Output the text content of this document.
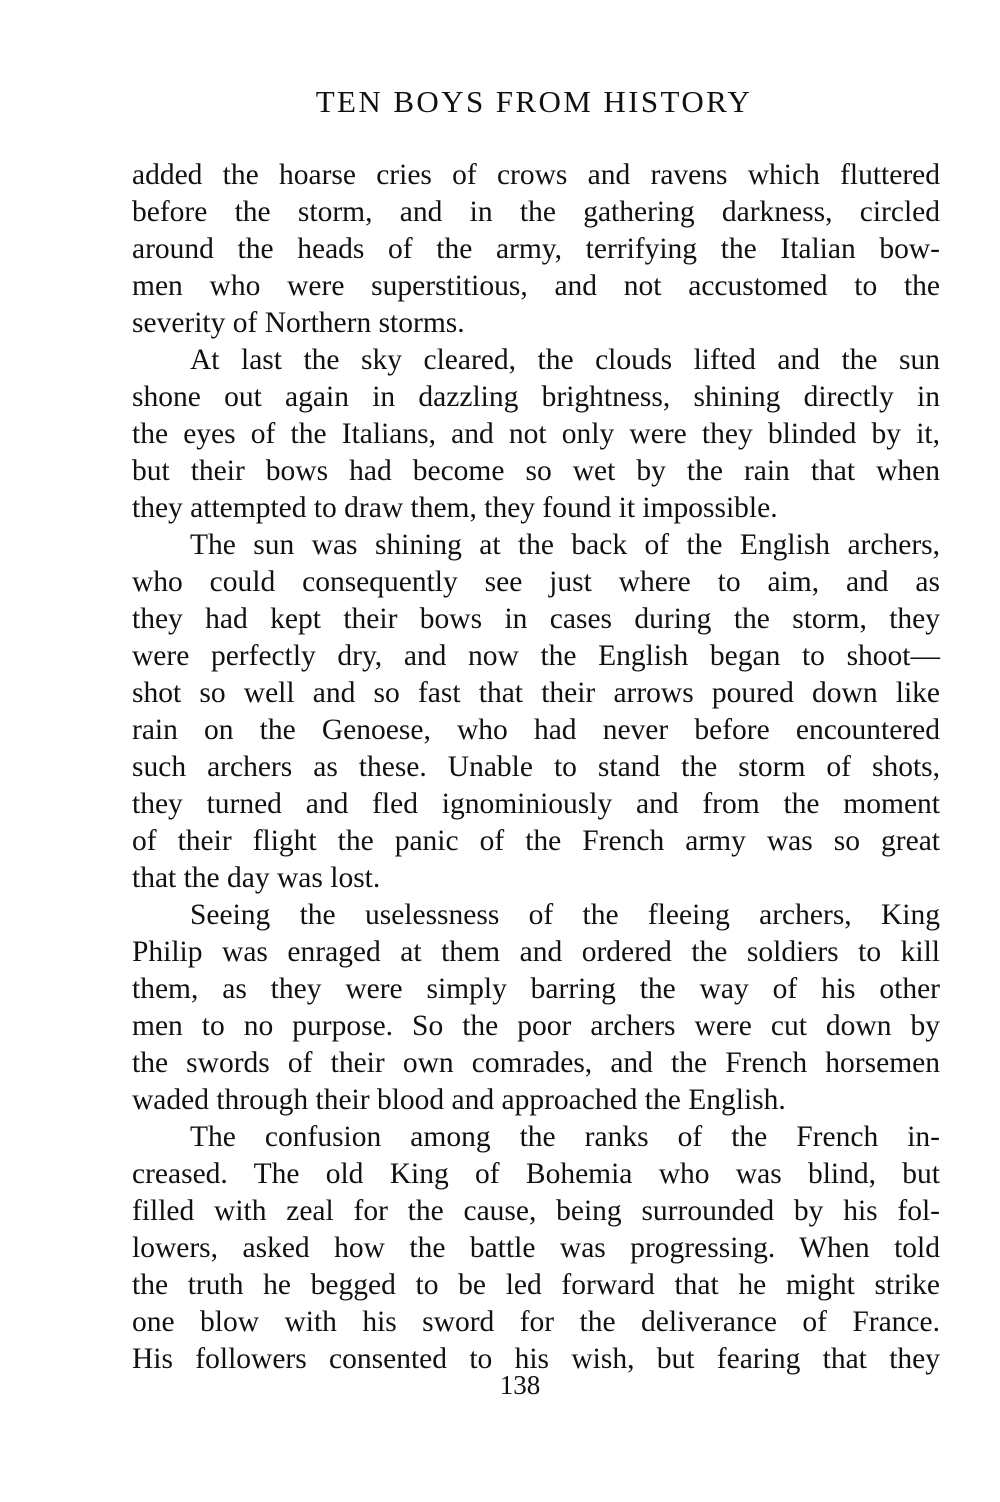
TEN BOYS FROM HISTORY

added the hoarse cries of crows and ravens which fluttered
before the storm, and in the gathering darkness, circled
around the heads of the army, terrifying the Italian bow-
men who were superstitious, and not accustomed to the
severity of Northern storms.

At last the sky cleared, the clouds lifted and the sun
shone out again in dazzling brightness, shining directly in
the eyes of the Italians, and not only were they blinded by it,
but their bows had become so wet by the rain that when
they attempted to draw them, they found it impossible.

The sun was shining at the back of the English archers,
who could consequently see just where to aim, and as
they had kept their bows in cases during the storm, they
were perfectly dry, and now the English began to shoot—
shot so well and so fast that their arrows poured down like
rain on the Genoese, who had never before encountered
such archers as these. Unable to stand the storm of shots,
they turned and fled ignominiously and from the moment
of their flight the panic of the French army was so great
that the day was lost.

Seeing the uselessness of the fleeing archers, King
Philip was enraged at them and ordered the soldiers to kill
them, as they were simply barring the way of his other
men to no purpose. So the poor archers were cut down by
the swords of their own comrades, and the French horsemen
waded through their blood and approached the English.

The confusion among the ranks of the French in-
creased. The old King of Bohemia who was blind, but
filled with zeal for the cause, being surrounded by his fol-
lowers, asked how the battle was progressing. When told
the truth he begged to be led forward that he might strike
one blow with his sword for the deliverance of France.
His followers consented to his wish, but fearing that they

138
